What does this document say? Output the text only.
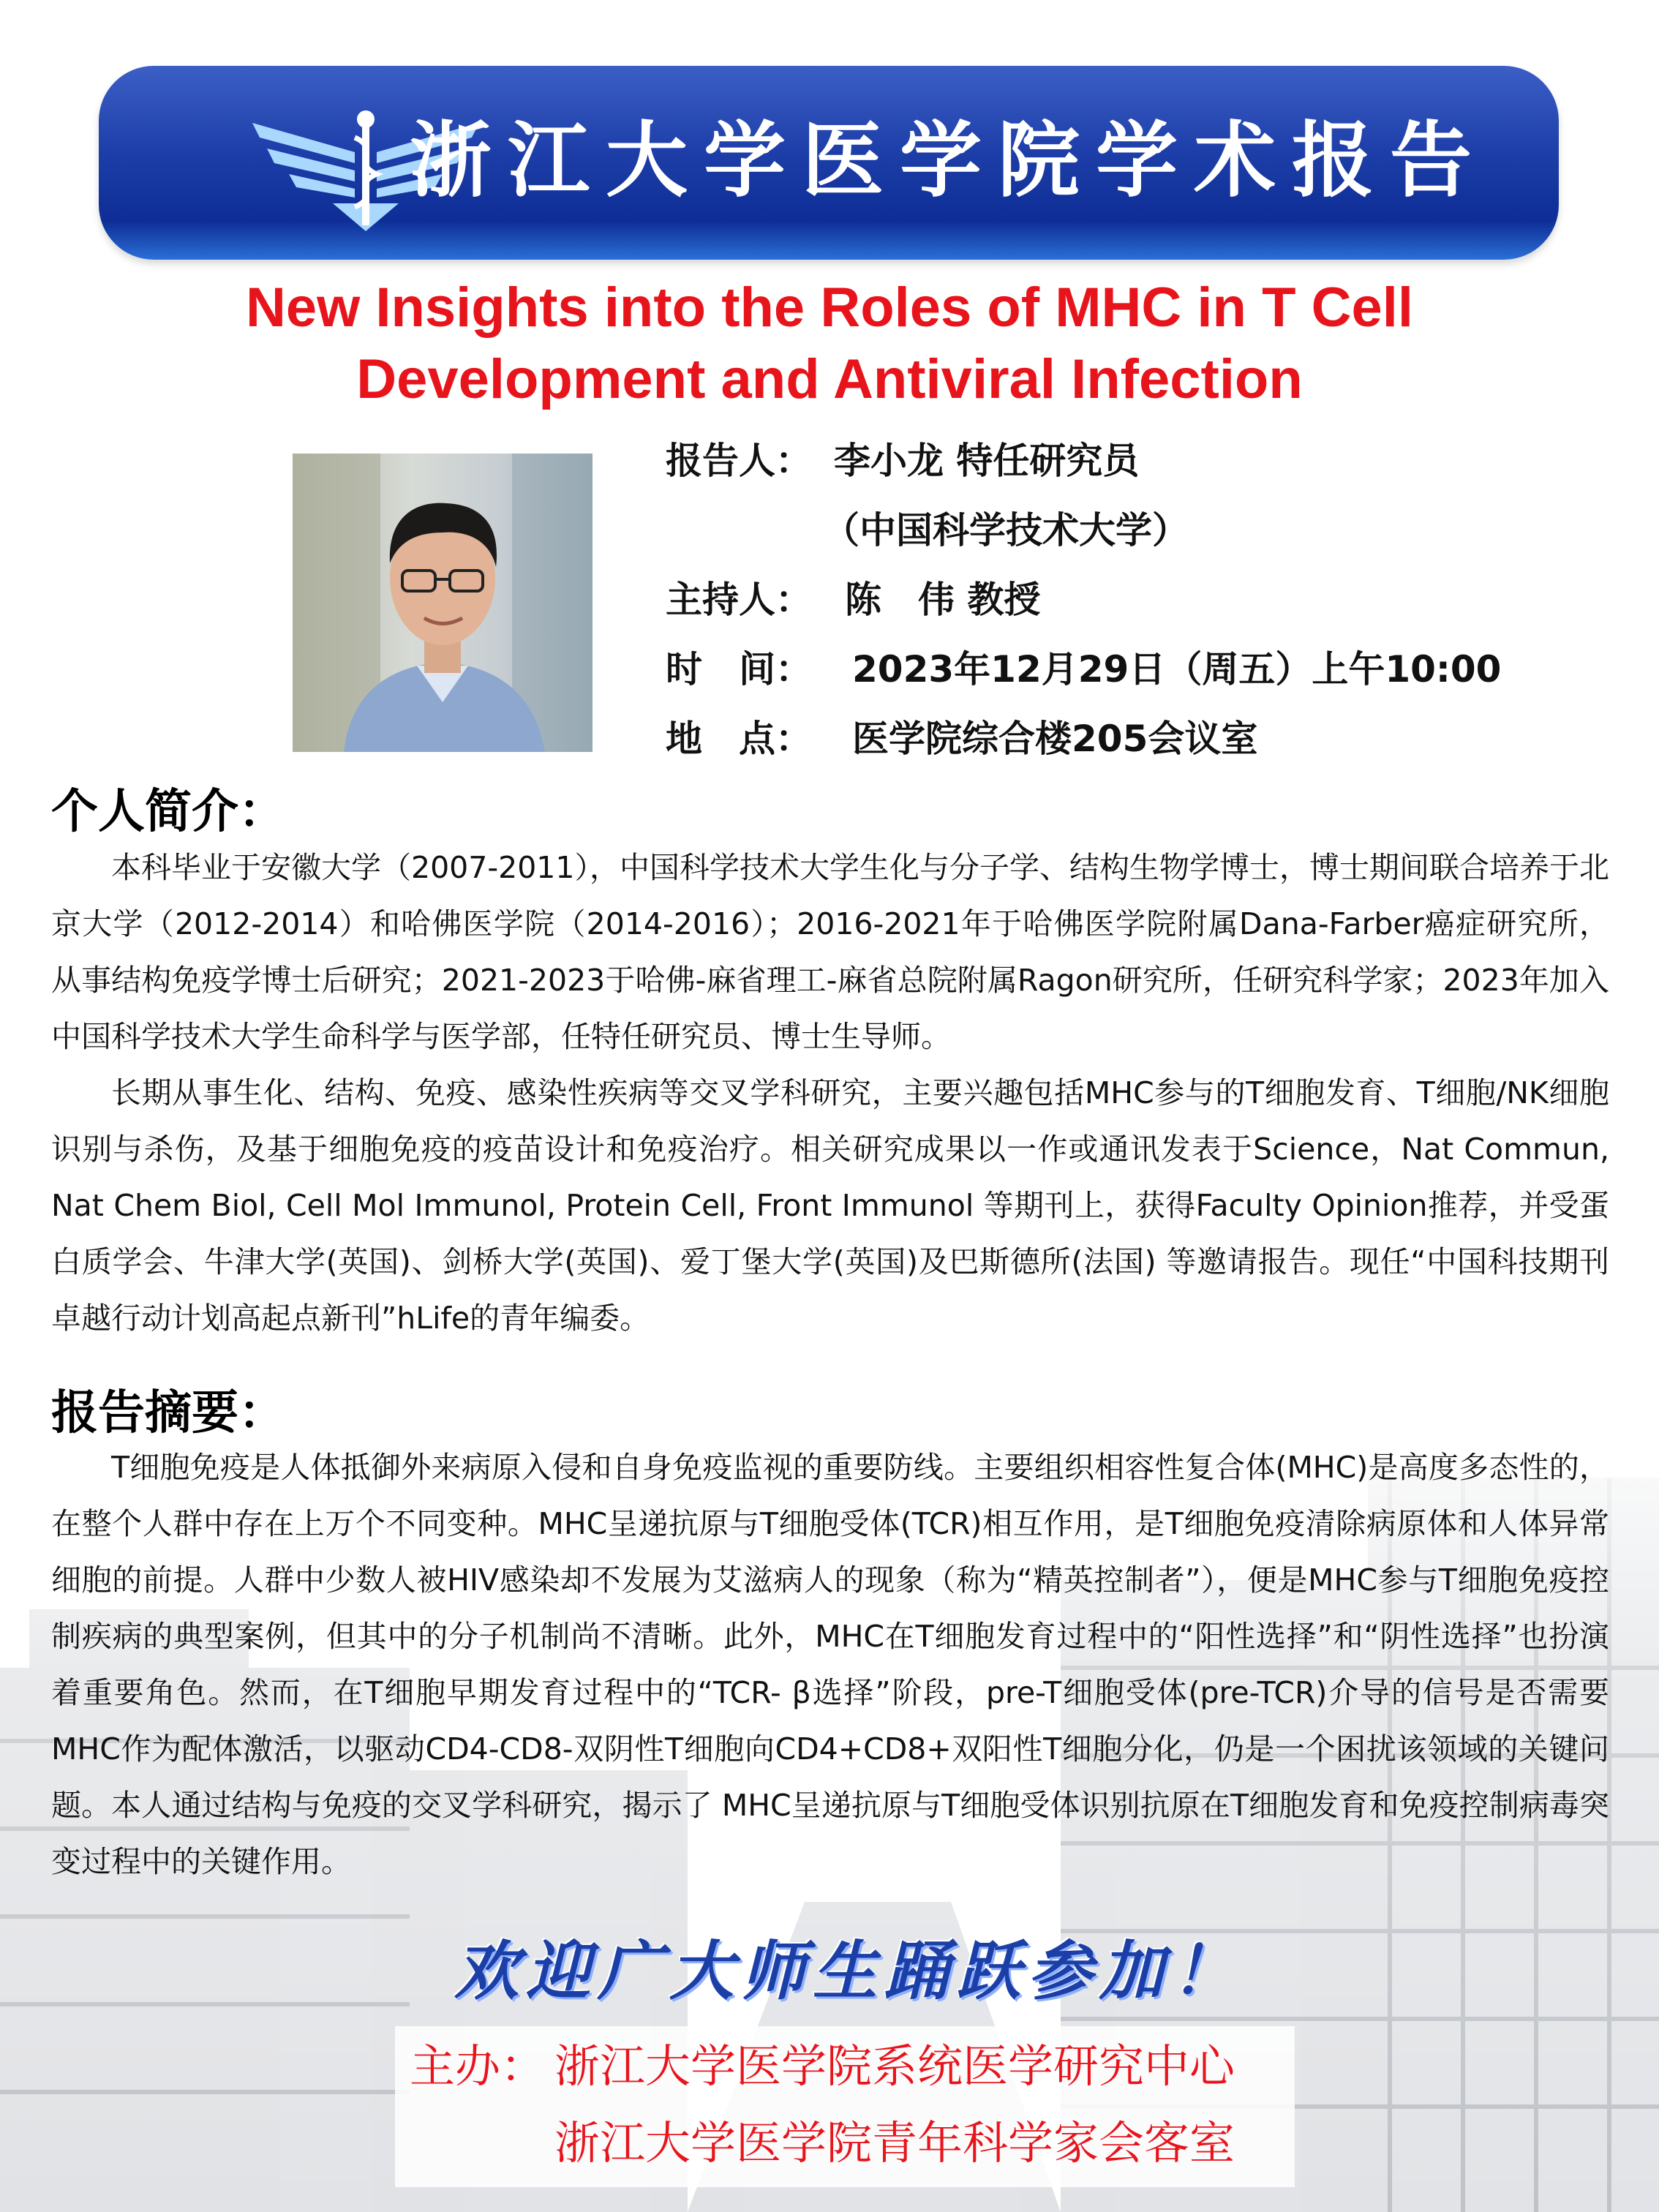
浙江大学医学院学术报告
New Insights into the Roles of MHC in T Cell
Development and Antiviral Infection
报告人： 李小龙 特任研究员
（中国科学技术大学）
主持人： 陈　伟 教授
时　间： 2023年12月29日（周五）上午10:00
地　点： 医学院综合楼205会议室
个人简介：
本科毕业于安徽大学（2007-2011），中国科学技术大学生化与分子学、结构生物学博士，博士期间联合培养于北京大学（2012-2014）和哈佛医学院（2014-2016）；2016-2021年于哈佛医学院附属Dana-Farber癌症研究所，从事结构免疫学博士后研究；2021-2023于哈佛-麻省理工-麻省总院附属Ragon研究所，任研究科学家；2023年加入中国科学技术大学生命科学与医学部，任特任研究员、博士生导师。
长期从事生化、结构、免疫、感染性疾病等交叉学科研究，主要兴趣包括MHC参与的T细胞发育、T细胞/NK细胞识别与杀伤，及基于细胞免疫的疫苗设计和免疫治疗。相关研究成果以一作或通讯发表于Science，Nat Commun, Nat Chem Biol, Cell Mol Immunol, Protein Cell, Front Immunol 等期刊上，获得Faculty Opinion推荐，并受蛋白质学会、牛津大学(英国)、剑桥大学(英国)、爱丁堡大学(英国)及巴斯德所(法国) 等邀请报告。现任“中国科技期刊卓越行动计划高起点新刊”hLife的青年编委。
报告摘要：
T细胞免疫是人体抵御外来病原入侵和自身免疫监视的重要防线。主要组织相容性复合体(MHC)是高度多态性的，在整个人群中存在上万个不同变种。MHC呈递抗原与T细胞受体(TCR)相互作用，是T细胞免疫清除病原体和人体异常细胞的前提。人群中少数人被HIV感染却不发展为艾滋病人的现象（称为“精英控制者”），便是MHC参与T细胞免疫控制疾病的典型案例，但其中的分子机制尚不清晰。此外，MHC在T细胞发育过程中的“阳性选择”和“阴性选择”也扮演着重要角色。然而，在T细胞早期发育过程中的“TCR- β选择”阶段，pre-T细胞受体(pre-TCR)介导的信号是否需要MHC作为配体激活，以驱动CD4-CD8-双阴性T细胞向CD4+CD8+双阳性T细胞分化，仍是一个困扰该领域的关键问题。本人通过结构与免疫的交叉学科研究，揭示了 MHC呈递抗原与T细胞受体识别抗原在T细胞发育和免疫控制病毒突变过程中的关键作用。
欢迎广大师生踊跃参加！
主办： 浙江大学医学院系统医学研究中心
浙江大学医学院青年科学家会客室
